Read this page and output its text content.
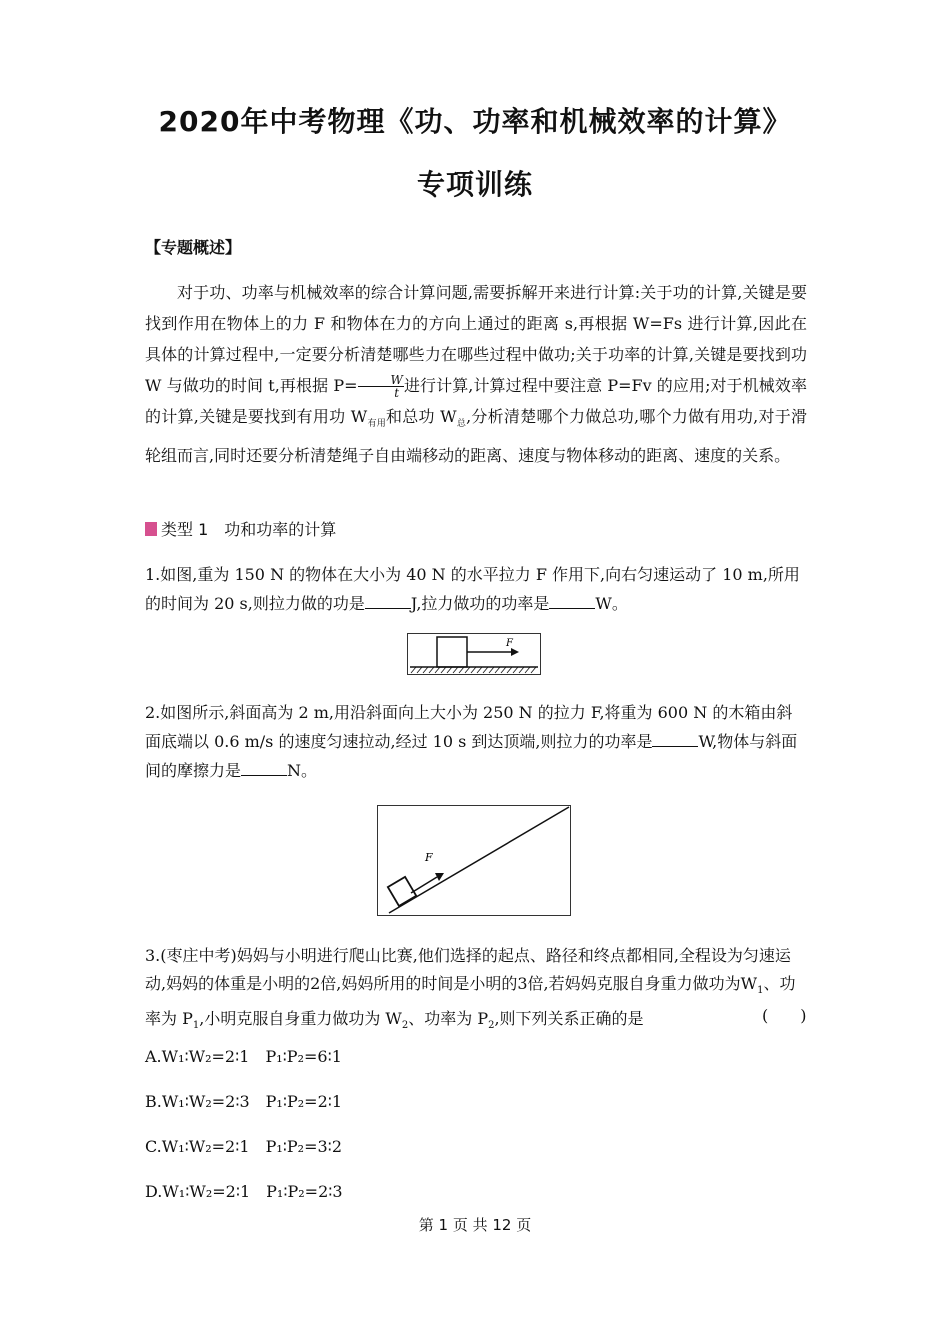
2020年中考物理《功、功率和机械效率的计算》
专项训练
【专题概述】
对于功、功率与机械效率的综合计算问题,需要拆解开来进行计算:关于功的计算,关键是要找到作用在物体上的力 F 和物体在力的方向上通过的距离 s,再根据 W=Fs 进行计算,因此在具体的计算过程中,一定要分析清楚哪些力在哪些过程中做功;关于功率的计算,关键是要找到功 W 与做功的时间 t,再根据 $P= \frac{W}{t}$ 进行计算,计算过程中要注意 P=Fv 的应用;对于机械效率的计算,关键是要找到有用功 $W_{有用}$和总功 $W_总$,分析清楚哪个力做总功,哪个力做有用功,对于滑轮组而言,同时还要分析清楚绳子自由端移动的距离、速度与物体移动的距离、速度的关系。
类型 1　功和功率的计算
1.如图,重为 150 N 的物体在大小为 40 N 的水平拉力 F 作用下,向右匀速运动了 10 m,所用的时间为 20 s,则拉力做的功是	J,拉力做功的功率是	W。
F
2.如图所示,斜面高为 2 m,用沿斜面向上大小为 250 N 的拉力 F,将重为 600 N 的木箱由斜面底端以 0.6 m/s 的速度匀速拉动,经过 10 s 到达顶端,则拉力的功率是	W,物体与斜面间的摩擦力是	N。
F
3.(枣庄中考)妈妈与小明进行爬山比赛,他们选择的起点、路径和终点都相同,全程设为匀速运动,妈妈的体重是小明的2倍,妈妈所用的时间是小明的3倍,若妈妈克服自身重力做功为$W_1$、功率为 $P_1$,小明克服自身重力做功为 $W_2$、功率为 $P_2$,则下列关系正确的是	(　　)
A.W₁∶W₂=2∶1　P₁∶P₂=6∶1
B.W₁∶W₂=2∶3　P₁∶P₂=2∶1
C.W₁∶W₂=2∶1　P₁∶P₂=3∶2
D.W₁∶W₂=2∶1　P₁∶P₂=2∶3
第 1 页 共 12 页
